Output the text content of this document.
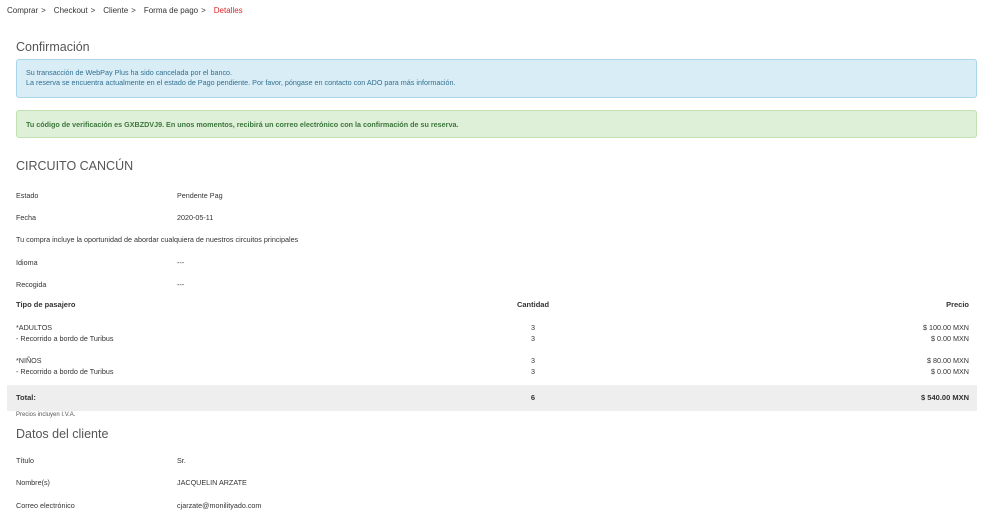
Comprar > Checkout > Cliente > Forma de pago > Detalles
Confirmación
Su transacción de WebPay Plus ha sido cancelada por el banco.
La reserva se encuentra actualmente en el estado de Pago pendiente. Por favor, póngase en contacto con ADO para más información.
Tu código de verificación es GXBZDVJ9. En unos momentos, recibirá un correo electrónico con la confirmación de su reserva.
CIRCUITO CANCÚN
Estado	Pendente Pag
Fecha	2020-05-11
Tu compra incluye la oportunidad de abordar cualquiera de nuestros circuitos principales
Idioma	---
Recogida	---
Tipo de pasajero	Cantidad	Precio
*ADULTOS	3	$ 100.00 MXN
- Recorrido a bordo de Turibus	3	$ 0.00 MXN
*NIÑOS	3	$ 80.00 MXN
- Recorrido a bordo de Turibus	3	$ 0.00 MXN
Total:	6	$ 540.00 MXN
Precios incluyen I.V.A.
Datos del cliente
Título	Sr.
Nombre(s)	JACQUELIN ARZATE
Correo electrónico	cjarzate@monilityado.com
